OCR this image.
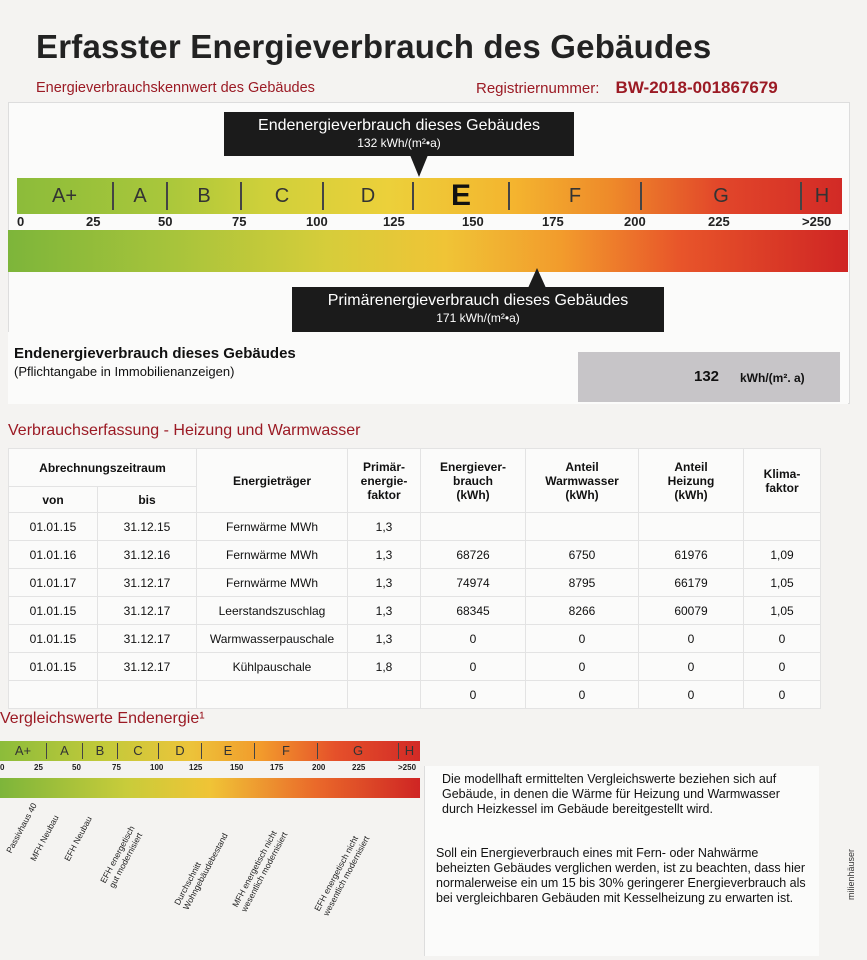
Erfasster Energieverbrauch des Gebäudes
Energieverbrauchskennwert des Gebäudes	Registriernummer: BW-2018-001867679
Endenergieverbrauch dieses Gebäudes
132 kWh/(m²•a)
A+	A	B	C	D	E	F	G	H
0	25	50	75	100	125	150	175	200	225	>250
Primärenergieverbrauch dieses Gebäudes
171 kWh/(m²•a)
Endenergieverbrauch dieses Gebäudes
(Pflichtangabe in Immobilienanzeigen)	132 kWh/(m². a)
Verbrauchserfassung - Heizung und Warmwasser
Abrechnungszeitraum		Energieträger	Primär-
energie-
faktor	Energiever-
brauch
(kWh)	Anteil
Warmwasser
(kWh)	Anteil
Heizung
(kWh)	Klima-
faktor
von	bis						
01.01.15	31.12.15	Fernwärme MWh	1,3				
01.01.16	31.12.16	Fernwärme MWh	1,3	68726	6750	61976	1,09
01.01.17	31.12.17	Fernwärme MWh	1,3	74974	8795	66179	1,05
01.01.15	31.12.17	Leerstandszuschlag	1,3	68345	8266	60079	1,05
01.01.15	31.12.17	Warmwasserpauschale	1,3	0	0	0	0
01.01.15	31.12.17	Kühlpauschale	1,8	0	0	0	0
				0	0	0	0
Vergleichswerte Endenergie¹
A+	A	B	C	D	E	F	G	H
0	25	50	75	100	125	150	175	200	225	>250
Passivhaus 40
MFH Neubau EFH Neubau EFH energetisch gut modernisiert	Durchschnitt Wohngebäudebestand MFH energetisch nicht wesentlich modernisiert	EFH energetisch nicht wesentlich modernisiert
Die modellhaft ermittelten Vergleichswerte beziehen sich auf Gebäude, in denen die Wärme für Heizung und Warmwasser durch Heizkessel im Gebäude bereitgestellt wird.
Soll ein Energieverbrauch eines mit Fern- oder Nahwärme beheizten Gebäudes verglichen werden, ist zu beachten, dass hier normalerweise ein um 15 bis 30% geringerer Energieverbrauch als bei vergleichbaren Gebäuden mit Kesselheizung zu erwarten ist.	milienhäuser
